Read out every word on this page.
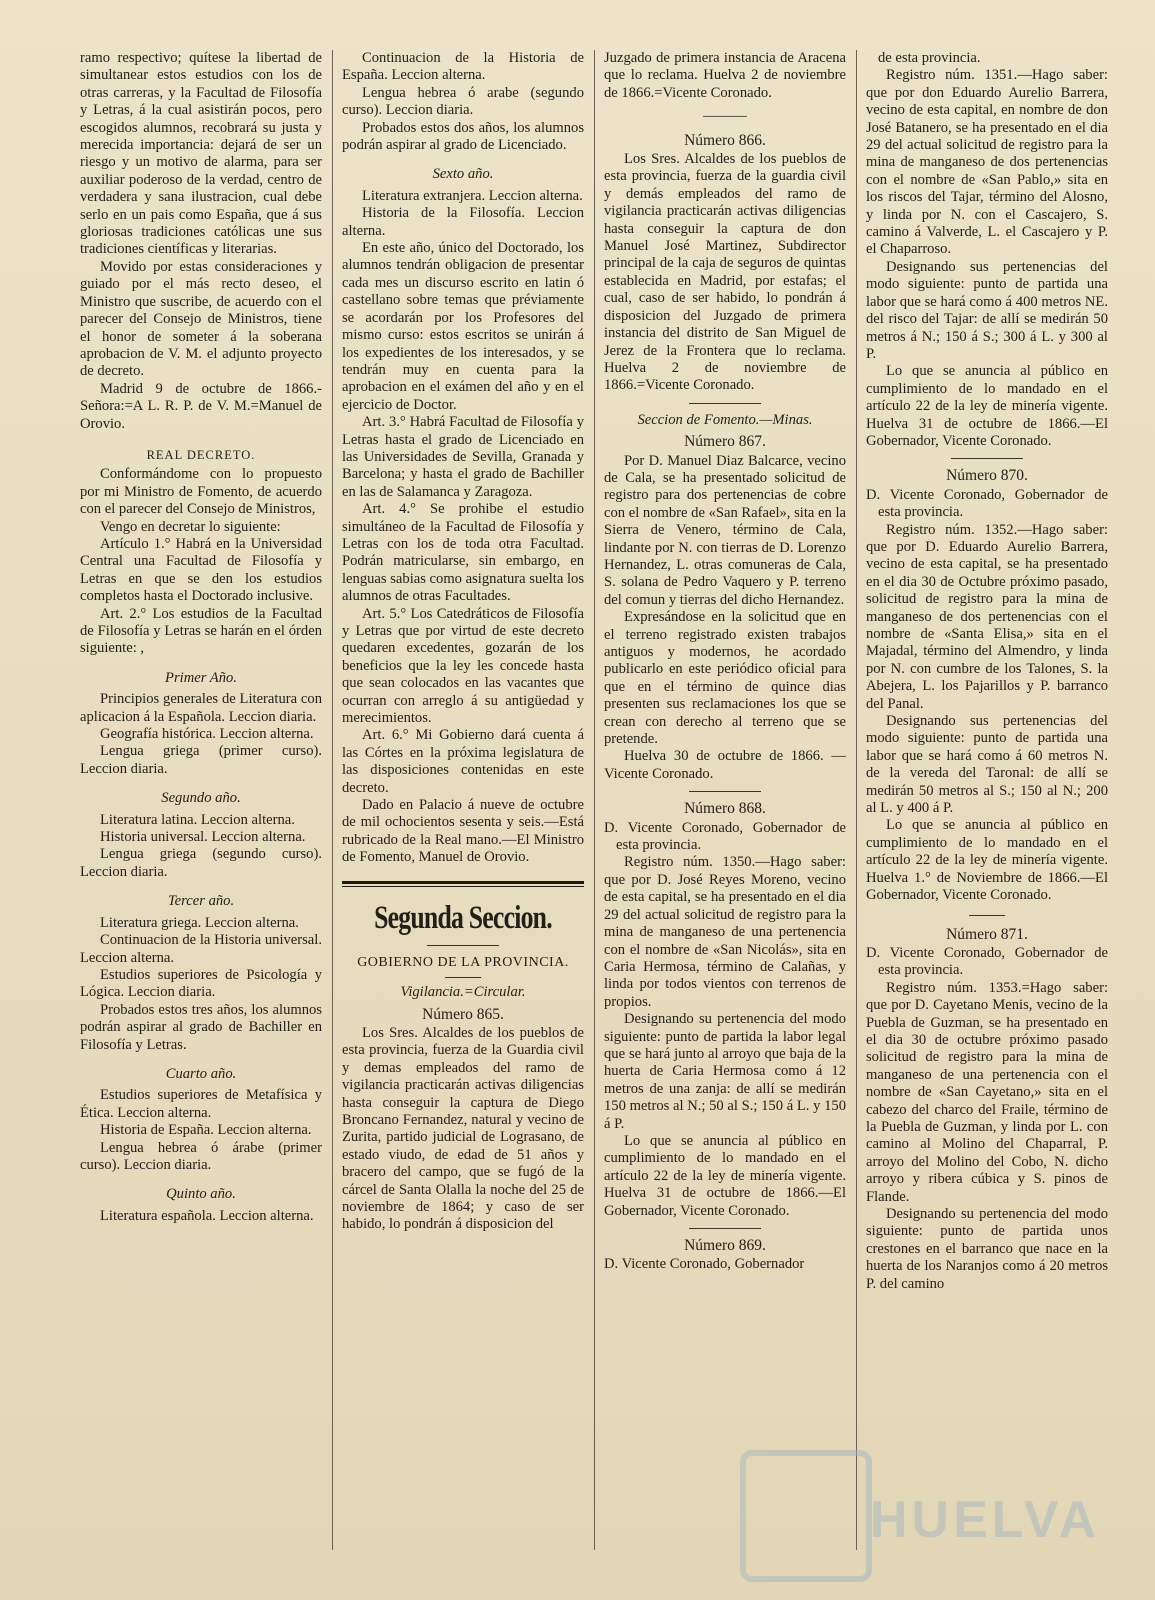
ramo respectivo; quítese la libertad de simultanear estos estudios con los de otras carreras, y la Facultad de Filosofía y Letras, á la cual asistirán pocos, pero escogidos alumnos, recobrará su justa y merecida importancia: dejará de ser un riesgo y un motivo de alarma, para ser auxiliar poderoso de la verdad, centro de verdadera y sana ilustracion, cual debe serlo en un pais como España, que á sus gloriosas tradiciones católicas une sus tradiciones científicas y literarias.

Movido por estas consideraciones y guiado por el más recto deseo, el Ministro que suscribe, de acuerdo con el parecer del Consejo de Ministros, tiene el honor de someter á la soberana aprobacion de V. M. el adjunto proyecto de decreto.

Madrid 9 de octubre de 1866.-Señora:=A L. R. P. de V. M.=Manuel de Orovio.

REAL DECRETO.

Conformándome con lo propuesto por mi Ministro de Fomento, de acuerdo con el parecer del Consejo de Ministros,

Vengo en decretar lo siguiente:

Artículo 1.° Habrá en la Universidad Central una Facultad de Filosofía y Letras en que se den los estudios completos hasta el Doctorado inclusive.

Art. 2.° Los estudios de la Facultad de Filosofía y Letras se harán en el órden siguiente: ,

Primer Año.

Principios generales de Literatura con aplicacion á la Española. Leccion diaria.

Geografía histórica. Leccion alterna.

Lengua griega (primer curso). Leccion diaria.

Segundo año.

Literatura latina. Leccion alterna.

Historia universal. Leccion alterna.

Lengua griega (segundo curso). Leccion diaria.

Tercer año.

Literatura griega. Leccion alterna.

Continuacion de la Historia universal. Leccion alterna.

Estudios superiores de Psicología y Lógica. Leccion diaria.

Probados estos tres años, los alumnos podrán aspirar al grado de Bachiller en Filosofía y Letras.

Cuarto año.

Estudios superiores de Metafísica y Ética. Leccion alterna.

Historia de España. Leccion alterna.

Lengua hebrea ó árabe (primer curso). Leccion diaria.

Quinto año.

Literatura española. Leccion alterna.

Continuacion de la Historia de España. Leccion alterna.

Lengua hebrea ó arabe (segundo curso). Leccion diaria.

Probados estos dos años, los alumnos podrán aspirar al grado de Licenciado.

Sexto año.

Literatura extranjera. Leccion alterna.

Historia de la Filosofía. Leccion alterna.

En este año, único del Doctorado, los alumnos tendrán obligacion de presentar cada mes un discurso escrito en latin ó castellano sobre temas que préviamente se acordarán por los Profesores del mismo curso: estos escritos se unirán á los expedientes de los interesados, y se tendrán muy en cuenta para la aprobacion en el exámen del año y en el ejercicio de Doctor.

Art. 3.° Habrá Facultad de Filosofía y Letras hasta el grado de Licenciado en las Universidades de Sevilla, Granada y Barcelona; y hasta el grado de Bachiller en las de Salamanca y Zaragoza.

Art. 4.° Se prohibe el estudio simultáneo de la Facultad de Filosofía y Letras con los de toda otra Facultad. Podrán matricularse, sin embargo, en lenguas sabias como asignatura suelta los alumnos de otras Facultades.

Art. 5.° Los Catedráticos de Filosofía y Letras que por virtud de este decreto quedaren excedentes, gozarán de los beneficios que la ley les concede hasta que sean colocados en las vacantes que ocurran con arreglo á su antigüedad y merecimientos.

Art. 6.° Mi Gobierno dará cuenta á las Córtes en la próxima legislatura de las disposiciones contenidas en este decreto.

Dado en Palacio á nueve de octubre de mil ochocientos sesenta y seis.—Está rubricado de la Real mano.—El Ministro de Fomento, Manuel de Orovio.

Segunda Seccion.
GOBIERNO DE LA PROVINCIA.
Vigilancia.=Circular.
Número 865.

Los Sres. Alcaldes de los pueblos de esta provincia, fuerza de la Guardia civil y demas empleados del ramo de vigilancia practicarán activas diligencias hasta conseguir la captura de Diego Broncano Fernandez, natural y vecino de Zurita, partido judicial de Lograsano, de estado viudo, de edad de 51 años y bracero del campo, que se fugó de la cárcel de Santa Olalla la noche del 25 de noviembre de 1864; y caso de ser habido, lo pondrán á disposicion del

Juzgado de primera instancia de Aracena que lo reclama. Huelva 2 de noviembre de 1866.=Vicente Coronado.

———
Número 866.

Los Sres. Alcaldes de los pueblos de esta provincia, fuerza de la guardia civil y demás empleados del ramo de vigilancia practicarán activas diligencias hasta conseguir la captura de don Manuel José Martinez, Subdirector principal de la caja de seguros de quintas establecida en Madrid, por estafas; el cual, caso de ser habido, lo pondrán á disposicion del Juzgado de primera instancia del distrito de San Miguel de Jerez de la Frontera que lo reclama. Huelva 2 de noviembre de 1866.=Vicente Coronado.

Seccion de Fomento.—Minas.
Número 867.

Por D. Manuel Diaz Balcarce, vecino de Cala, se ha presentado solicitud de registro para dos pertenencias de cobre con el nombre de «San Rafael», sita en la Sierra de Venero, término de Cala, lindante por N. con tierras de D. Lorenzo Hernandez, L. otras comuneras de Cala, S. solana de Pedro Vaquero y P. terreno del comun y tierras del dicho Hernandez.

Expresándose en la solicitud que en el terreno registrado existen trabajos antiguos y modernos, he acordado publicarlo en este periódico oficial para que en el término de quince dias presenten sus reclamaciones los que se crean con derecho al terreno que se pretende.

Huelva 30 de octubre de 1866. —Vicente Coronado.

Número 868.

D. Vicente Coronado, Gobernador de esta provincia.

Registro núm. 1350.—Hago saber: que por D. José Reyes Moreno, vecino de esta capital, se ha presentado en el dia 29 del actual solicitud de registro para la mina de manganeso de una pertenencia con el nombre de «San Nicolás», sita en Caria Hermosa, término de Calañas, y linda por todos vientos con terrenos de propios.

Designando su pertenencia del modo siguiente: punto de partida la labor legal que se hará junto al arroyo que baja de la huerta de Caria Hermosa como á 12 metros de una zanja: de allí se medirán 150 metros al N.; 50 al S.; 150 á L. y 150 á P.

Lo que se anuncia al público en cumplimiento de lo mandado en el artículo 22 de la ley de minería vigente. Huelva 31 de octubre de 1866.—El Gobernador, Vicente Coronado.

Número 869.

D. Vicente Coronado, Gobernador

de esta provincia.

Registro núm. 1351.—Hago saber: que por don Eduardo Aurelio Barrera, vecino de esta capital, en nombre de don José Batanero, se ha presentado en el dia 29 del actual solicitud de registro para la mina de manganeso de dos pertenencias con el nombre de «San Pablo,» sita en los riscos del Tajar, término del Alosno, y linda por N. con el Cascajero, S. camino á Valverde, L. el Cascajero y P. el Chaparroso.

Designando sus pertenencias del modo siguiente: punto de partida una labor que se hará como á 400 metros NE. del risco del Tajar: de allí se medirán 50 metros á N.; 150 á S.; 300 á L. y 300 al P.

Lo que se anuncia al público en cumplimiento de lo mandado en el artículo 22 de la ley de minería vigente. Huelva 31 de octubre de 1866.—El Gobernador, Vicente Coronado.

Número 870.

D. Vicente Coronado, Gobernador de esta provincia.

Registro núm. 1352.—Hago saber: que por D. Eduardo Aurelio Barrera, vecino de esta capital, se ha presentado en el dia 30 de Octubre próximo pasado, solicitud de registro para la mina de manganeso de dos pertenencias con el nombre de «Santa Elisa,» sita en el Majadal, término del Almendro, y linda por N. con cumbre de los Talones, S. la Abejera, L. los Pajarillos y P. barranco del Panal.

Designando sus pertenencias del modo siguiente: punto de partida una labor que se hará como á 60 metros N. de la vereda del Taronal: de allí se medirán 50 metros al S.; 150 al N.; 200 al L. y 400 á P.

Lo que se anuncia al público en cumplimiento de lo mandado en el artículo 22 de la ley de minería vigente. Huelva 1.° de Noviembre de 1866.—El Gobernador, Vicente Coronado.

Número 871.

D. Vicente Coronado, Gobernador de esta provincia.

Registro núm. 1353.=Hago saber: que por D. Cayetano Menis, vecino de la Puebla de Guzman, se ha presentado en el dia 30 de octubre próximo pasado solicitud de registro para la mina de manganeso de una pertenencia con el nombre de «San Cayetano,» sita en el cabezo del charco del Fraile, término de la Puebla de Guzman, y linda por L. con camino al Molino del Chaparral, P. arroyo del Molino del Cobo, N. dicho arroyo y ribera cúbica y S. pinos de Flande.

Designando su pertenencia del modo siguiente: punto de partida unos crestones en el barranco que nace en la huerta de los Naranjos como á 20 metros P. del camino

HUELVA
